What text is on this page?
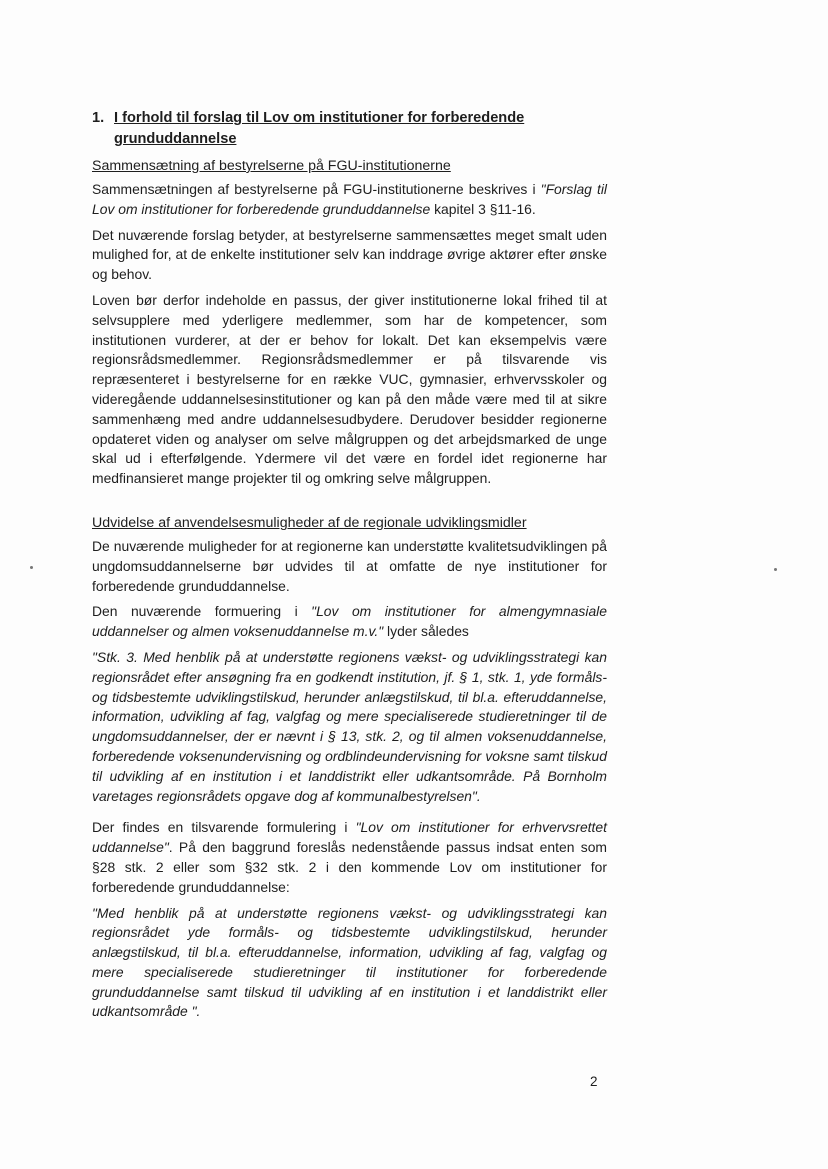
1. I forhold til forslag til Lov om institutioner for forberedende grunduddannelse
Sammensætning af bestyrelserne på FGU-institutionerne

Sammensætningen af bestyrelserne på FGU-institutionerne beskrives i "Forslag til Lov om institutioner for forberedende grunduddannelse kapitel 3 §11-16.

Det nuværende forslag betyder, at bestyrelserne sammensættes meget smalt uden mulighed for, at de enkelte institutioner selv kan inddrage øvrige aktører efter ønske og behov.

Loven bør derfor indeholde en passus, der giver institutionerne lokal frihed til at selvsupplere med yderligere medlemmer, som har de kompetencer, som institutionen vurderer, at der er behov for lokalt. Det kan eksempelvis være regionsrådsmedlemmer. Regionsrådsmedlemmer er på tilsvarende vis repræsenteret i bestyrelserne for en række VUC, gymnasier, erhvervsskoler og videregående uddannelsesinstitutioner og kan på den måde være med til at sikre sammenhæng med andre uddannelsesudbydere. Derudover besidder regionerne opdateret viden og analyser om selve målgruppen og det arbejdsmarked de unge skal ud i efterfølgende. Ydermere vil det være en fordel idet regionerne har medfinansieret mange projekter til og omkring selve målgruppen.

Udvidelse af anvendelsesmuligheder af de regionale udviklingsmidler

De nuværende muligheder for at regionerne kan understøtte kvalitetsudviklingen på ungdomsuddannelserne bør udvides til at omfatte de nye institutioner for forberedende grunduddannelse.

Den nuværende formuering i "Lov om institutioner for almengymnasiale uddannelser og almen voksenuddannelse m.v." lyder således

"Stk. 3. Med henblik på at understøtte regionens vækst- og udviklingsstrategi kan regionsrådet efter ansøgning fra en godkendt institution, jf. § 1, stk. 1, yde formåls- og tidsbestemte udviklingstilskud, herunder anlægstilskud, til bl.a. efteruddannelse, information, udvikling af fag, valgfag og mere specialiserede studieretninger til de ungdomsuddannelser, der er nævnt i § 13, stk. 2, og til almen voksenuddannelse, forberedende voksenundervisning og ordblindeundervisning for voksne samt tilskud til udvikling af en institution i et landdistrikt eller udkantsområde. På Bornholm varetages regionsrådets opgave dog af kommunalbestyrelsen".

Der findes en tilsvarende formulering i "Lov om institutioner for erhvervsrettet uddannelse". På den baggrund foreslås nedenstående passus indsat enten som §28 stk. 2 eller som §32 stk. 2 i den kommende Lov om institutioner for forberedende grunduddannelse:

"Med henblik på at understøtte regionens vækst- og udviklingsstrategi kan regionsrådet yde formåls- og tidsbestemte udviklingstilskud, herunder anlægstilskud, til bl.a. efteruddannelse, information, udvikling af fag, valgfag og mere specialiserede studieretninger til institutioner for forberedende grunduddannelse samt tilskud til udvikling af en institution i et landdistrikt eller udkantsområde ".

2
